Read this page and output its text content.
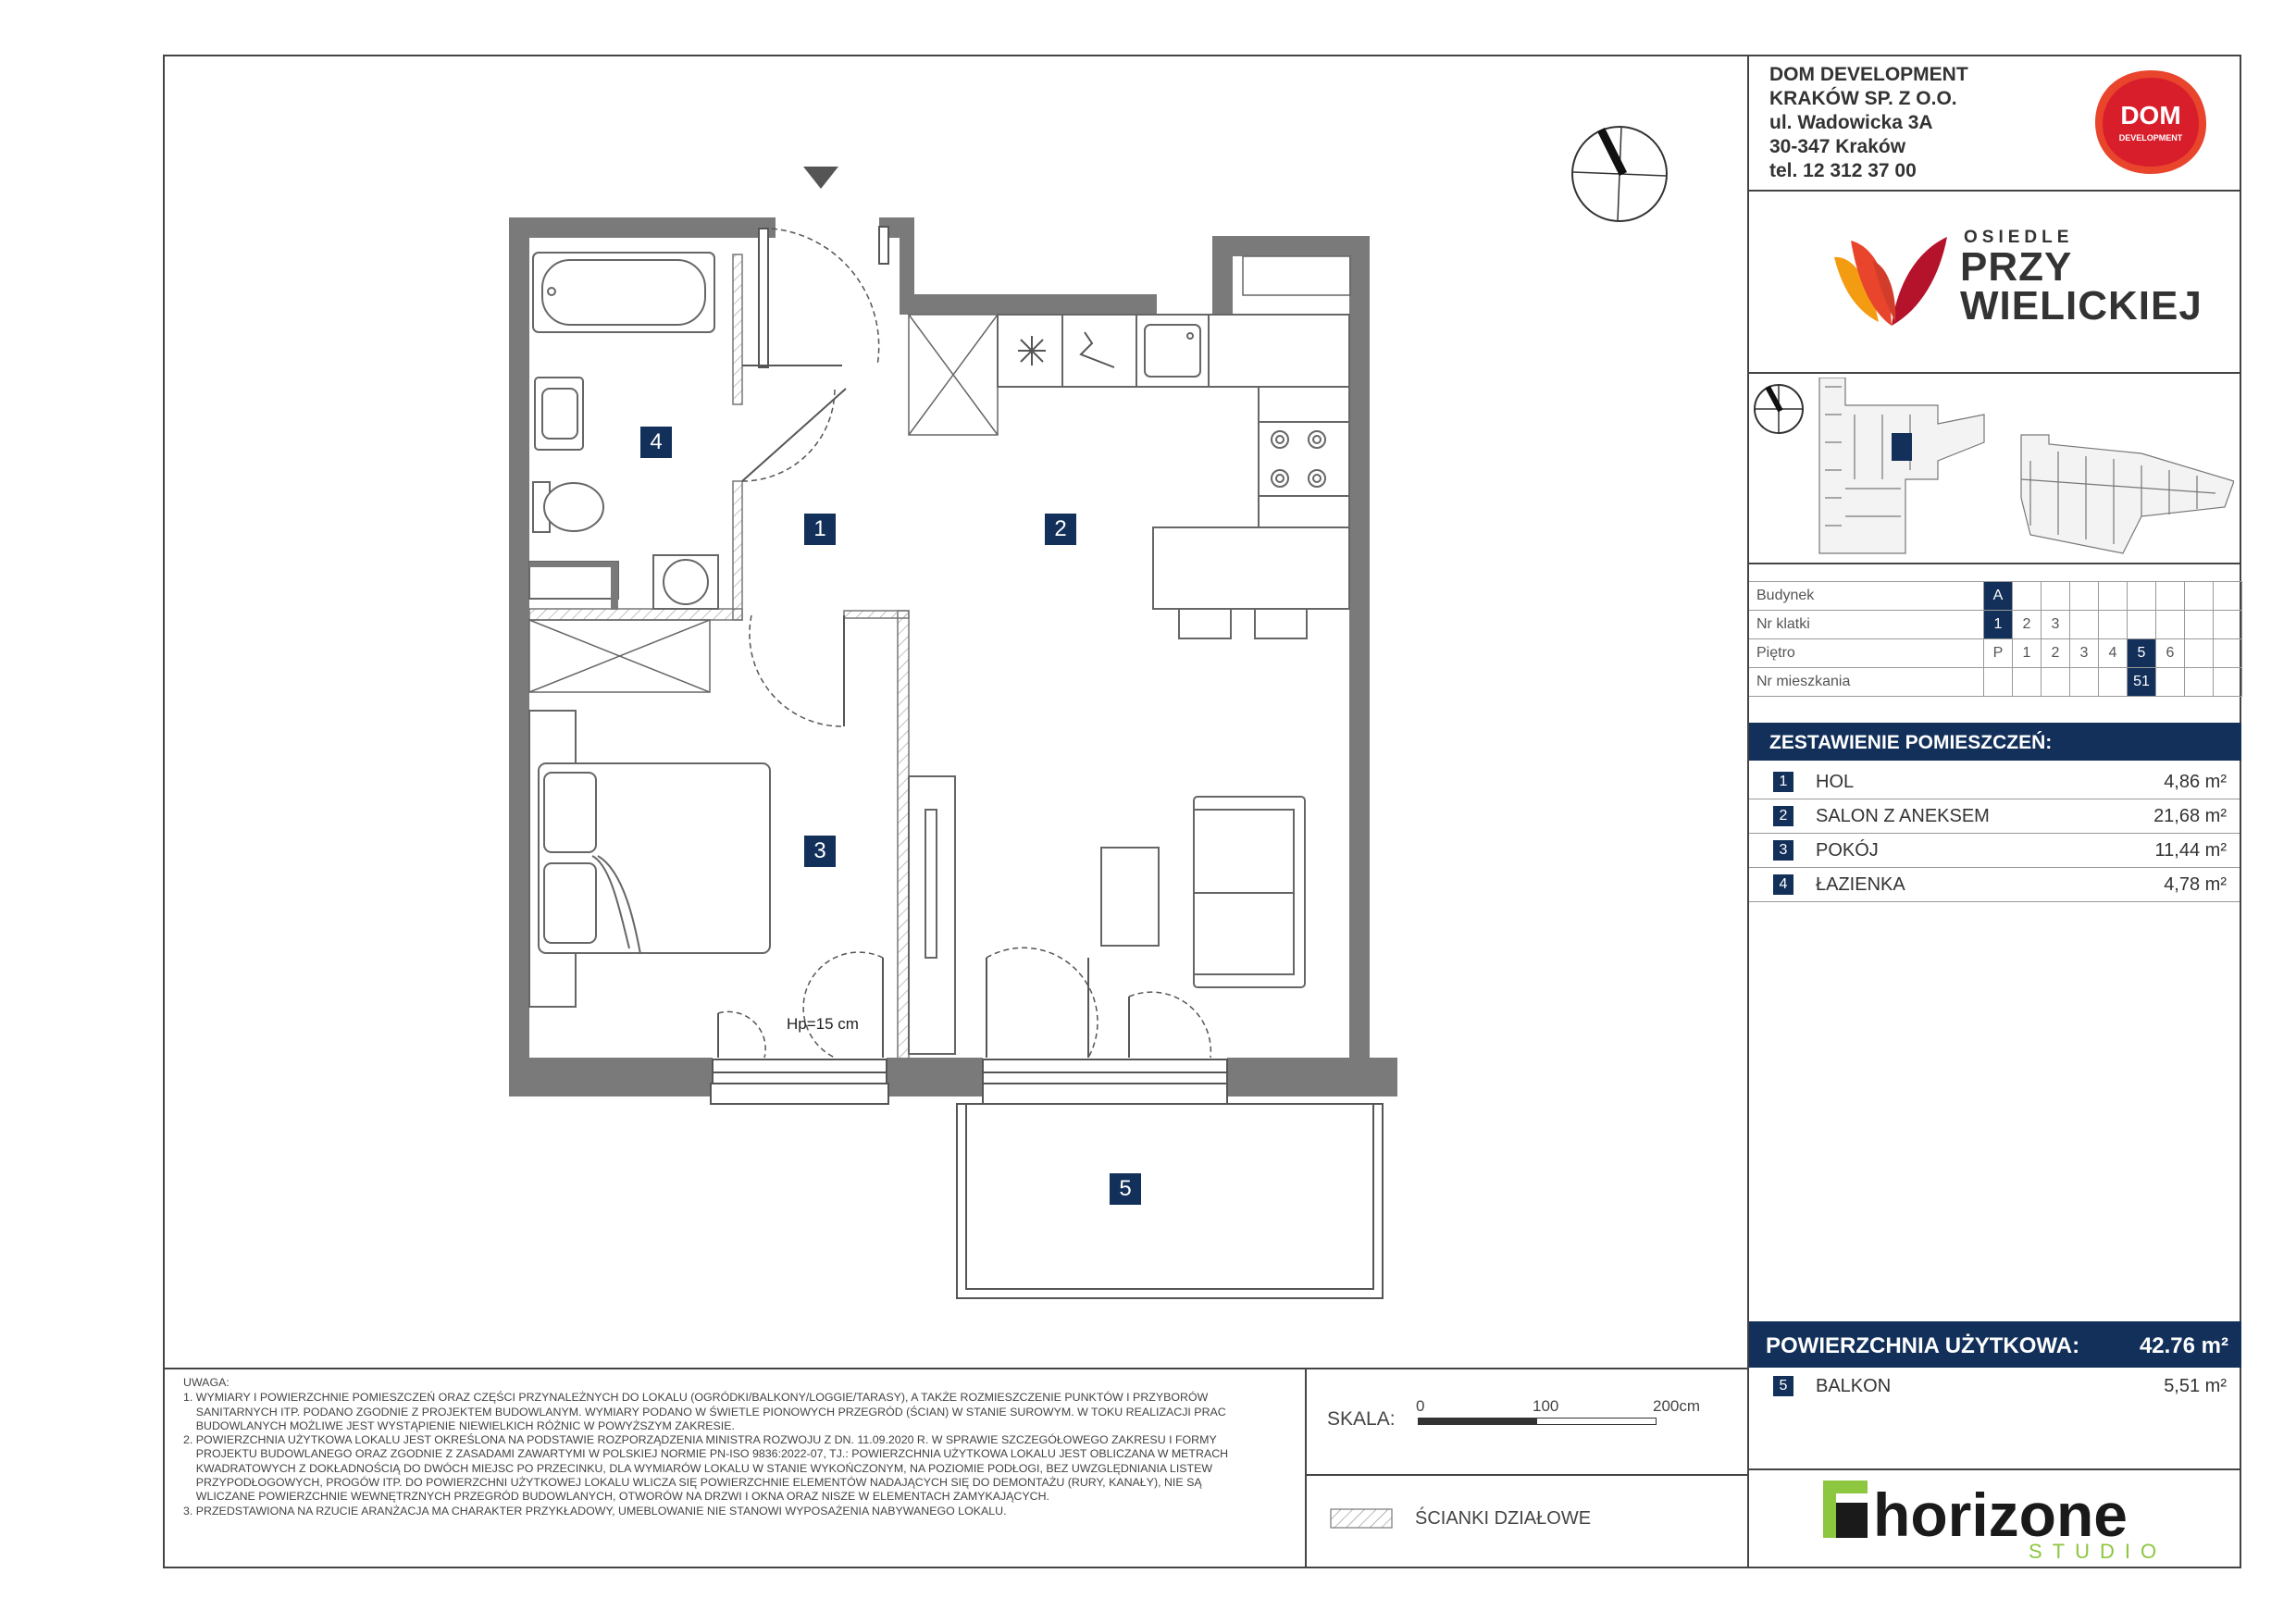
DOM DEVELOPMENT
KRAKÓW SP. Z O.O.
ul. Wadowicka 3A
30-347 Kraków
tel. 12 312 37 00
DOM
DEVELOPMENT
OSIEDLE
PRZY
WIELICKIEJ
Budynek	A								
Nr klatki	1	2	3						
Piętro	P	1	2	3	4	5	6		
Nr mieszkania						51			
ZESTAWIENIE POMIESZCZEŃ:
1	HOL	4,86 m²
2	SALON Z ANEKSEM	21,68 m²
3	POKÓJ	11,44 m²
4	ŁAZIENKA	4,78 m²
POWIERZCHNIA UŻYTKOWA:	42.76 m²
5	BALKON	5,51 m²
UWAGA:
1. WYMIARY I POWIERZCHNIE POMIESZCZEŃ ORAZ CZĘŚCI PRZYNALEŻNYCH DO LOKALU (OGRÓDKI/BALKONY/LOGGIE/TARASY), A TAKŻE ROZMIESZCZENIE PUNKTÓW I PRZYBORÓW
SANITARNYCH ITP. PODANO ZGODNIE Z PROJEKTEM BUDOWLANYM. WYMIARY PODANO W ŚWIETLE PIONOWYCH PRZEGRÓD (ŚCIAN) W STANIE SUROWYM. W TOKU REALIZACJI PRAC
BUDOWLANYCH MOŻLIWE JEST WYSTĄPIENIE NIEWIELKICH RÓŻNIC W POWYŻSZYM ZAKRESIE.
2. POWIERZCHNIA UŻYTKOWA LOKALU JEST OKREŚLONA NA PODSTAWIE ROZPORZĄDZENIA MINISTRA ROZWOJU Z DN. 11.09.2020 R. W SPRAWIE SZCZEGÓŁOWEGO ZAKRESU I FORMY
PROJEKTU BUDOWLANEGO ORAZ ZGODNIE Z ZASADAMI ZAWARTYMI W POLSKIEJ NORMIE PN-ISO 9836:2022-07, TJ.: POWIERZCHNIA UŻYTKOWA LOKALU JEST OBLICZANA W METRACH
KWADRATOWYCH Z DOKŁADNOŚCIĄ DO DWÓCH MIEJSC PO PRZECINKU, DLA WYMIARÓW LOKALU W STANIE WYKOŃCZONYM, NA POZIOMIE PODŁOGI, BEZ UWZGLĘDNIANIA LISTEW
PRZYPODŁOGOWYCH, PROGÓW ITP. DO POWIERZCHNI UŻYTKOWEJ LOKALU WLICZA SIĘ POWIERZCHNIE ELEMENTÓW NADAJĄCYCH SIĘ DO DEMONTAŻU (RURY, KANAŁY), NIE SĄ
WLICZANE POWIERZCHNIE WEWNĘTRZNYCH PRZEGRÓD BUDOWLANYCH, OTWORÓW NA DRZWI I OKNA ORAZ NISZE W ELEMENTACH ZAMYKAJĄCYCH.
3. PRZEDSTAWIONA NA RZUCIE ARANŻACJA MA CHARAKTER PRZYKŁADOWY, UMEBLOWANIE NIE STANOWI WYPOSAŻENIA NABYWANEGO LOKALU.
SKALA:
0	100	200cm
ŚCIANKI DZIAŁOWE	horizone
STUDIO
1	2
3
4
5
Hp=15 cm
